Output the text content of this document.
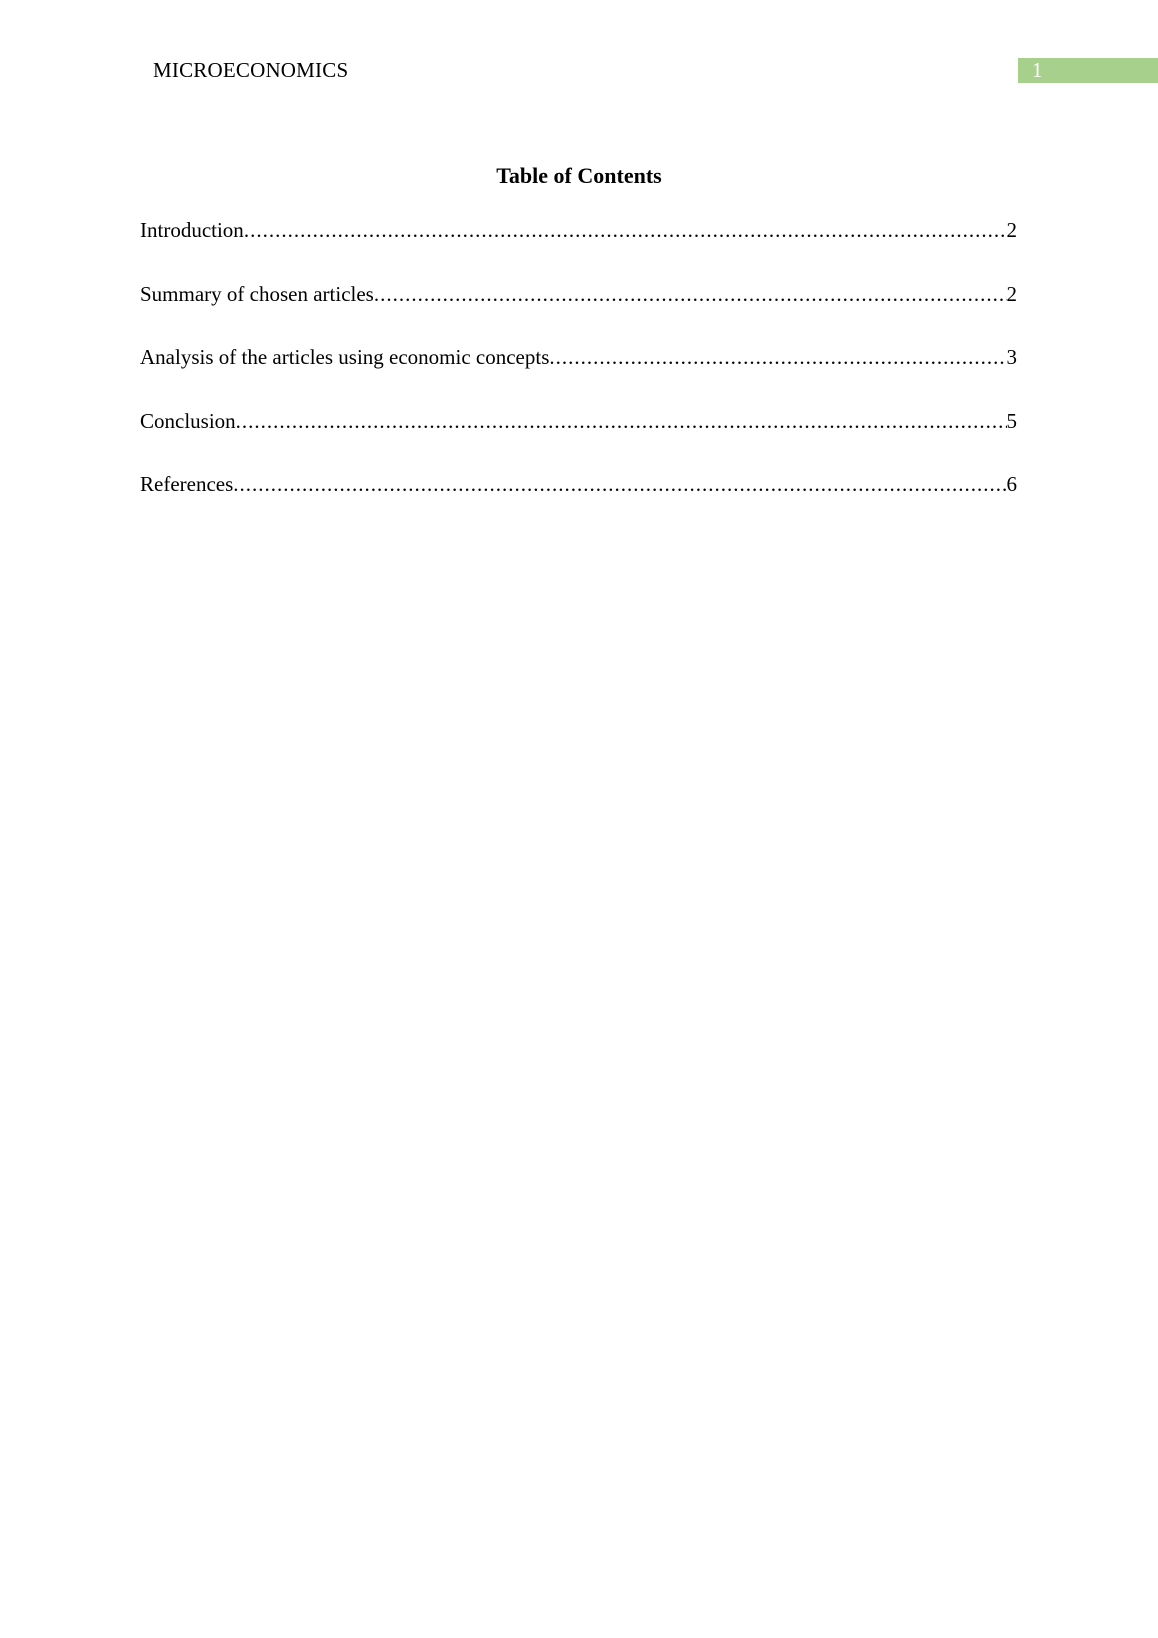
MICROECONOMICS	1
Table of Contents
Introduction .....	2
Summary of chosen articles .....	2
Analysis of the articles using economic concepts .....	3
Conclusion .....	5
References .....	6
